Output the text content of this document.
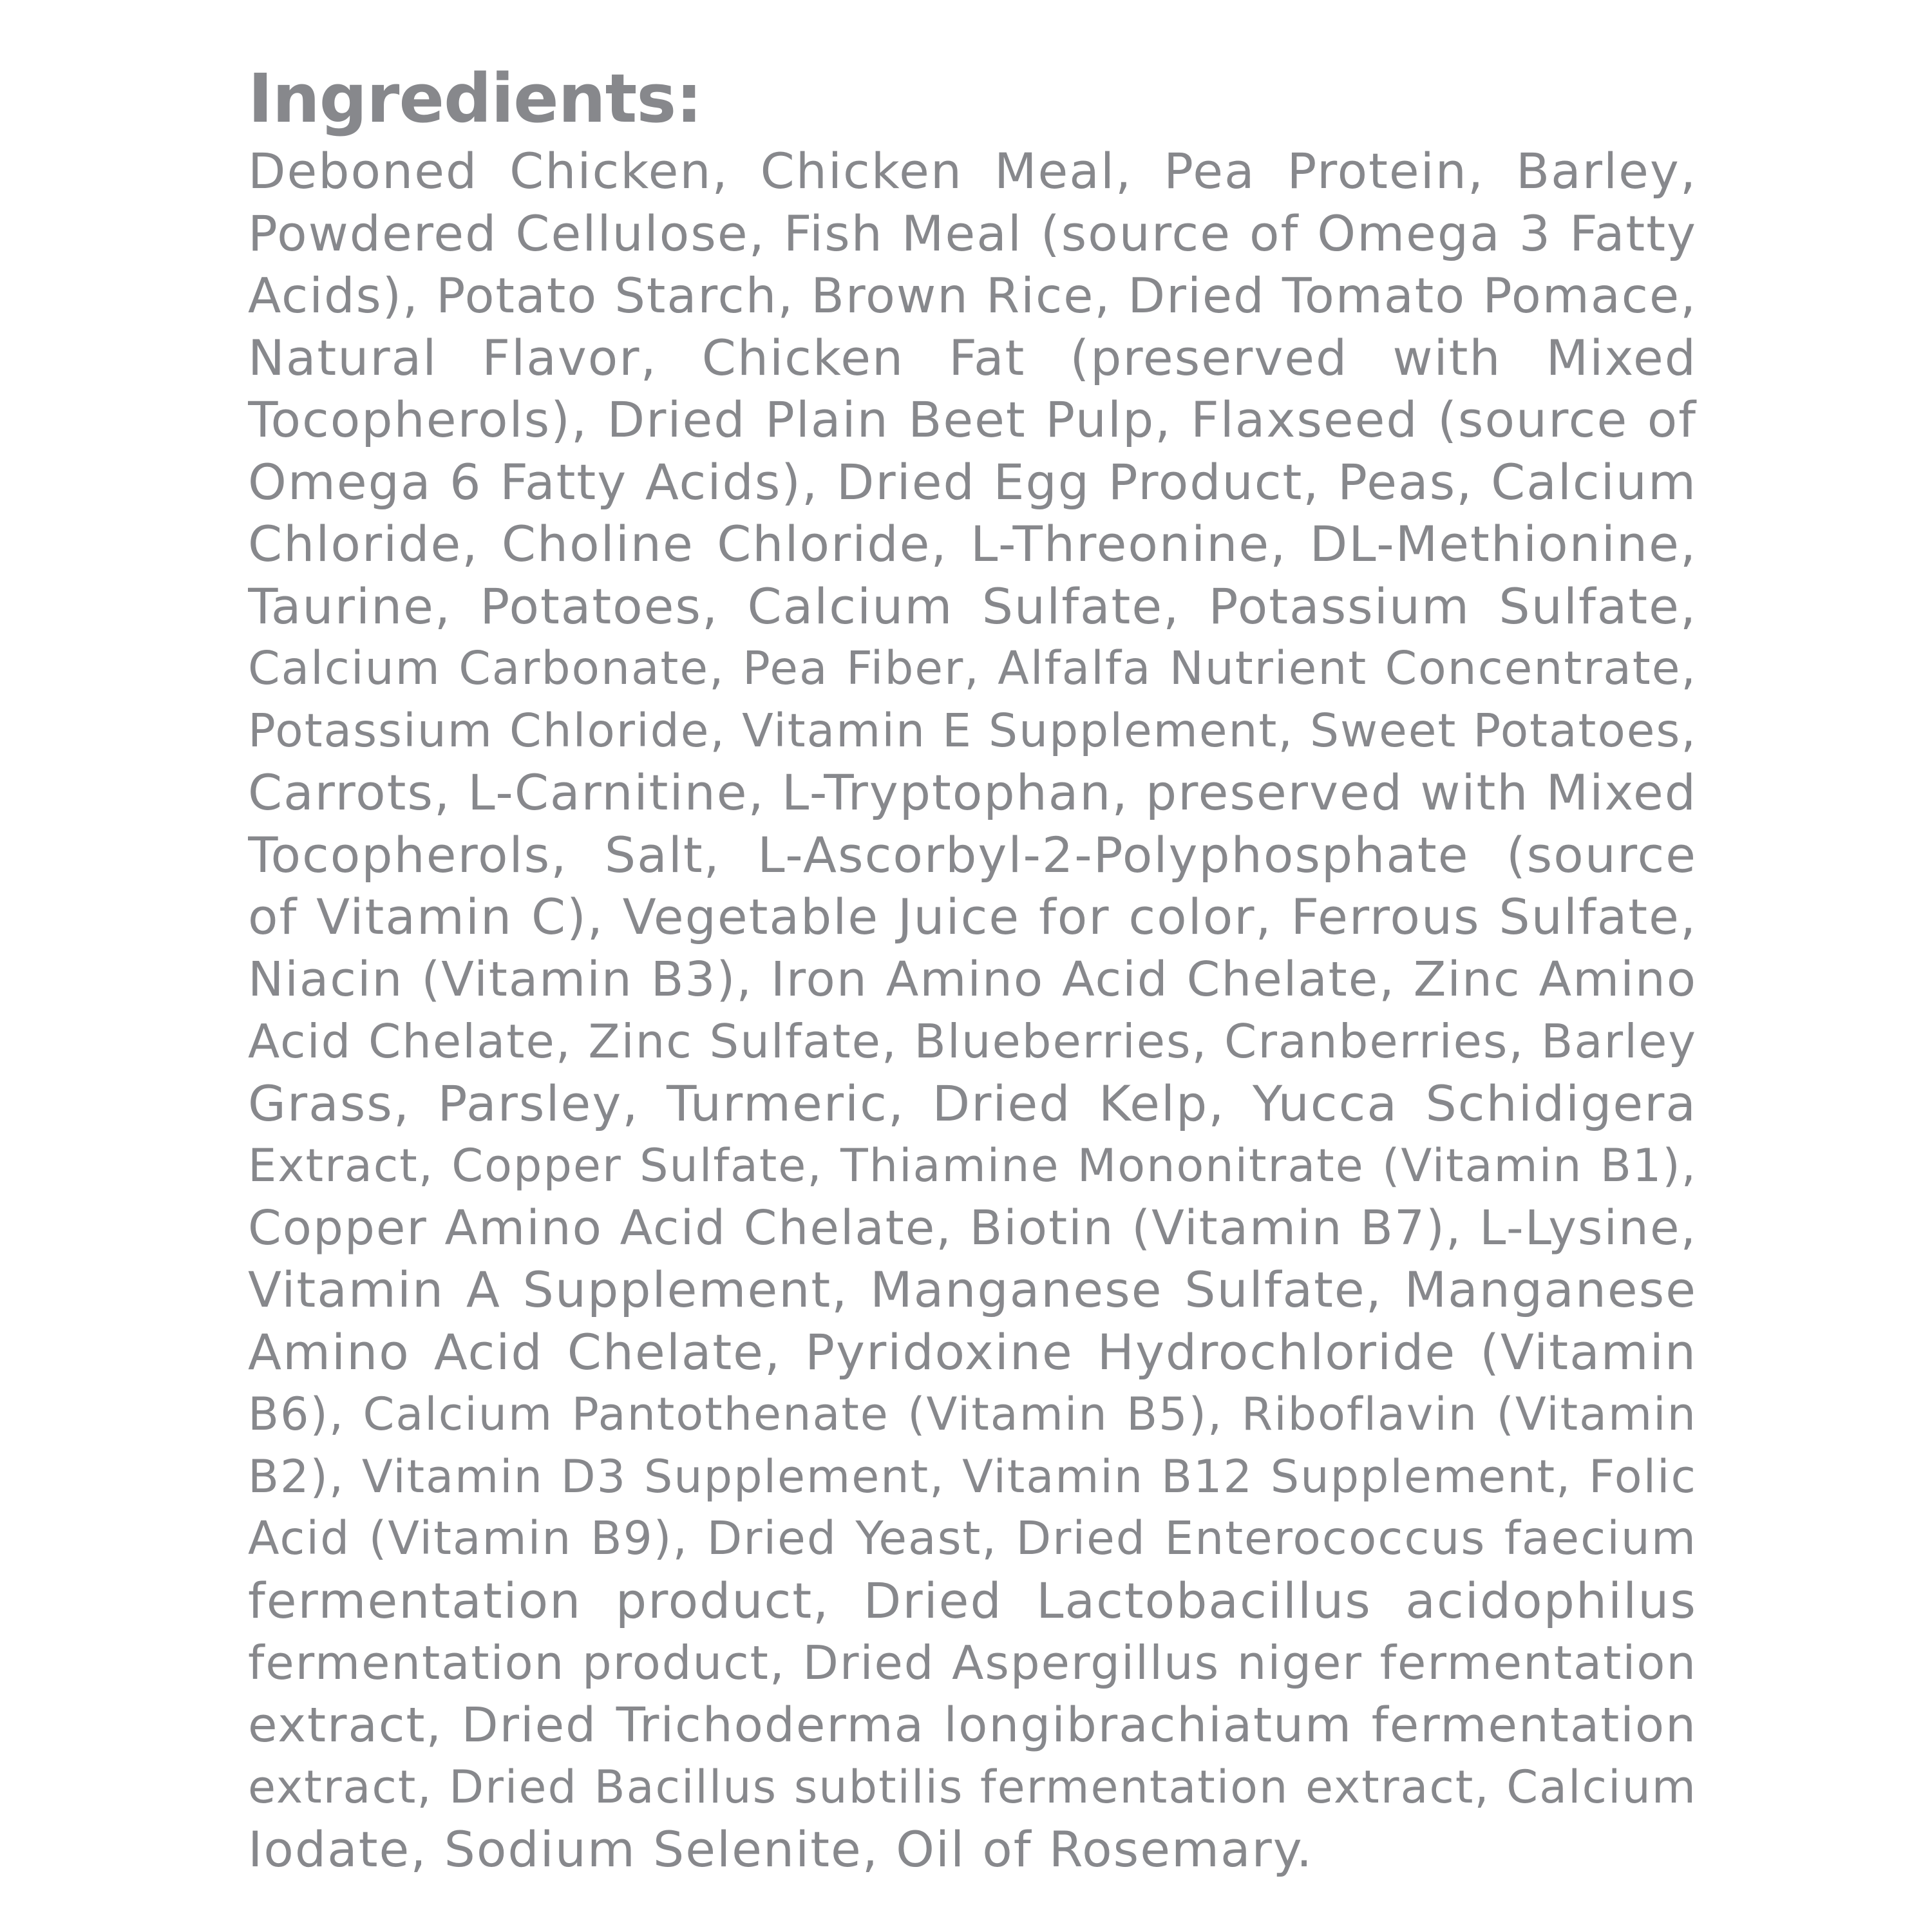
Ingredients:
Deboned Chicken, Chicken Meal, Pea Protein, Barley,
Powdered Cellulose, Fish Meal (source of Omega 3 Fatty
Acids), Potato Starch, Brown Rice, Dried Tomato Pomace,
Natural Flavor, Chicken Fat (preserved with Mixed
Tocopherols), Dried Plain Beet Pulp, Flaxseed (source of
Omega 6 Fatty Acids), Dried Egg Product, Peas, Calcium
Chloride, Choline Chloride, L-Threonine, DL-Methionine,
Taurine, Potatoes, Calcium Sulfate, Potassium Sulfate,
Calcium Carbonate, Pea Fiber, Alfalfa Nutrient Concentrate,
Potassium Chloride, Vitamin E Supplement, Sweet Potatoes,
Carrots, L-Carnitine, L-Tryptophan, preserved with Mixed
Tocopherols, Salt, L-Ascorbyl-2-Polyphosphate (source
of Vitamin C), Vegetable Juice for color, Ferrous Sulfate,
Niacin (Vitamin B3), Iron Amino Acid Chelate, Zinc Amino
Acid Chelate, Zinc Sulfate, Blueberries, Cranberries, Barley
Grass, Parsley, Turmeric, Dried Kelp, Yucca Schidigera
Extract, Copper Sulfate, Thiamine Mononitrate (Vitamin B1),
Copper Amino Acid Chelate, Biotin (Vitamin B7), L-Lysine,
Vitamin A Supplement, Manganese Sulfate, Manganese
Amino Acid Chelate, Pyridoxine Hydrochloride (Vitamin
B6), Calcium Pantothenate (Vitamin B5), Riboflavin (Vitamin
B2), Vitamin D3 Supplement, Vitamin B12 Supplement, Folic
Acid (Vitamin B9), Dried Yeast, Dried Enterococcus faecium
fermentation product, Dried Lactobacillus acidophilus
fermentation product, Dried Aspergillus niger fermentation
extract, Dried Trichoderma longibrachiatum fermentation
extract, Dried Bacillus subtilis fermentation extract, Calcium
Iodate, Sodium Selenite, Oil of Rosemary.
